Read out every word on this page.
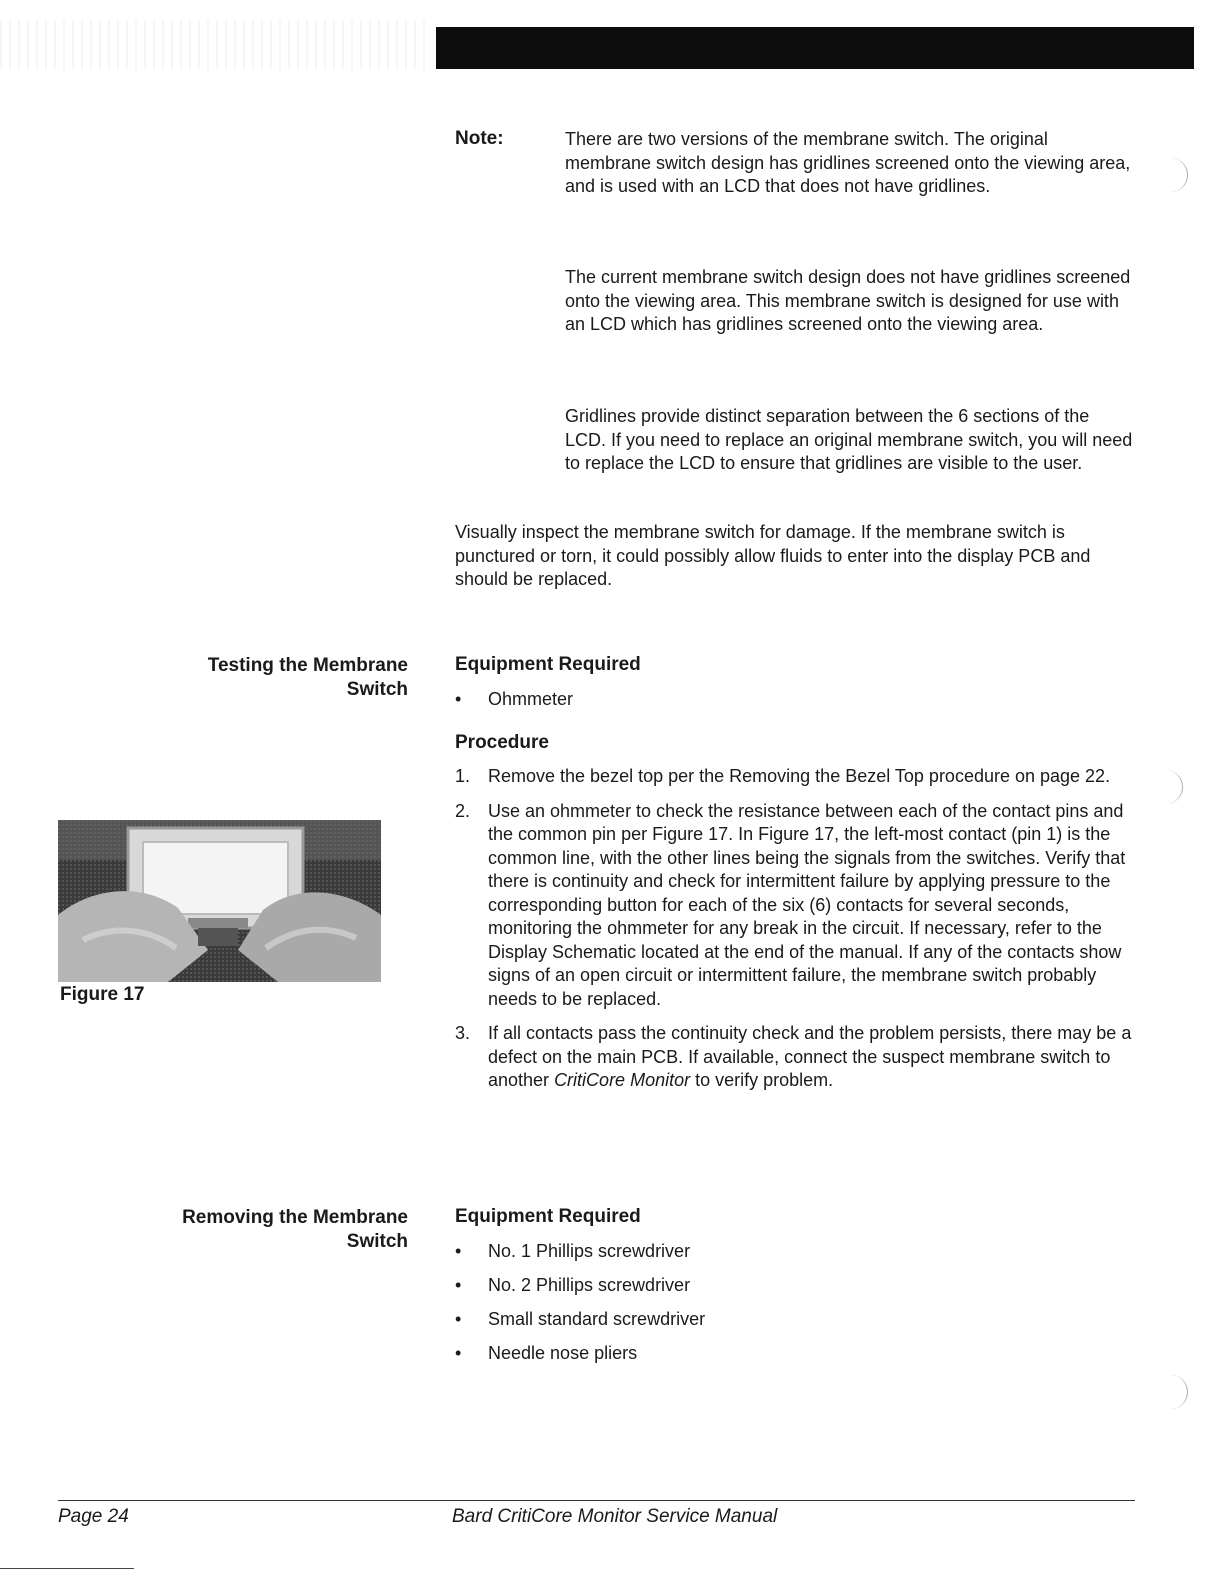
Note:	There are two versions of the membrane switch. The original membrane switch design has gridlines screened onto the viewing area, and is used with an LCD that does not have gridlines.
The current membrane switch design does not have gridlines screened onto the viewing area. This membrane switch is designed for use with an LCD which has gridlines screened onto the viewing area.
Gridlines provide distinct separation between the 6 sections of the LCD. If you need to replace an original membrane switch, you will need to replace the LCD to ensure that gridlines are visible to the user.
Visually inspect the membrane switch for damage. If the membrane switch is punctured or torn, it could possibly allow fluids to enter into the display PCB and should be replaced.
Testing the Membrane
Switch
Equipment Required
• Ohmmeter
Procedure
1. Remove the bezel top per the Removing the Bezel Top procedure on page 22.
2. Use an ohmmeter to check the resistance between each of the contact pins and the common pin per Figure 17. In Figure 17, the left-most contact (pin 1) is the common line, with the other lines being the signals from the switches. Verify that there is continuity and check for intermittent failure by applying pressure to the corresponding button for each of the six (6) contacts for several seconds, monitoring the ohmmeter for any break in the circuit. If necessary, refer to the Display Schematic located at the end of the manual. If any of the contacts show signs of an open circuit or intermittent failure, the membrane switch probably needs to be replaced.
3. If all contacts pass the continuity check and the problem persists, there may be a defect on the main PCB. If available, connect the suspect membrane switch to another CritiCore Monitor to verify problem.
Figure 17
Removing the Membrane
Switch
Equipment Required
• No. 1 Phillips screwdriver
• No. 2 Phillips screwdriver
• Small standard screwdriver
• Needle nose pliers
Page 24	Bard CritiCore Monitor Service Manual
